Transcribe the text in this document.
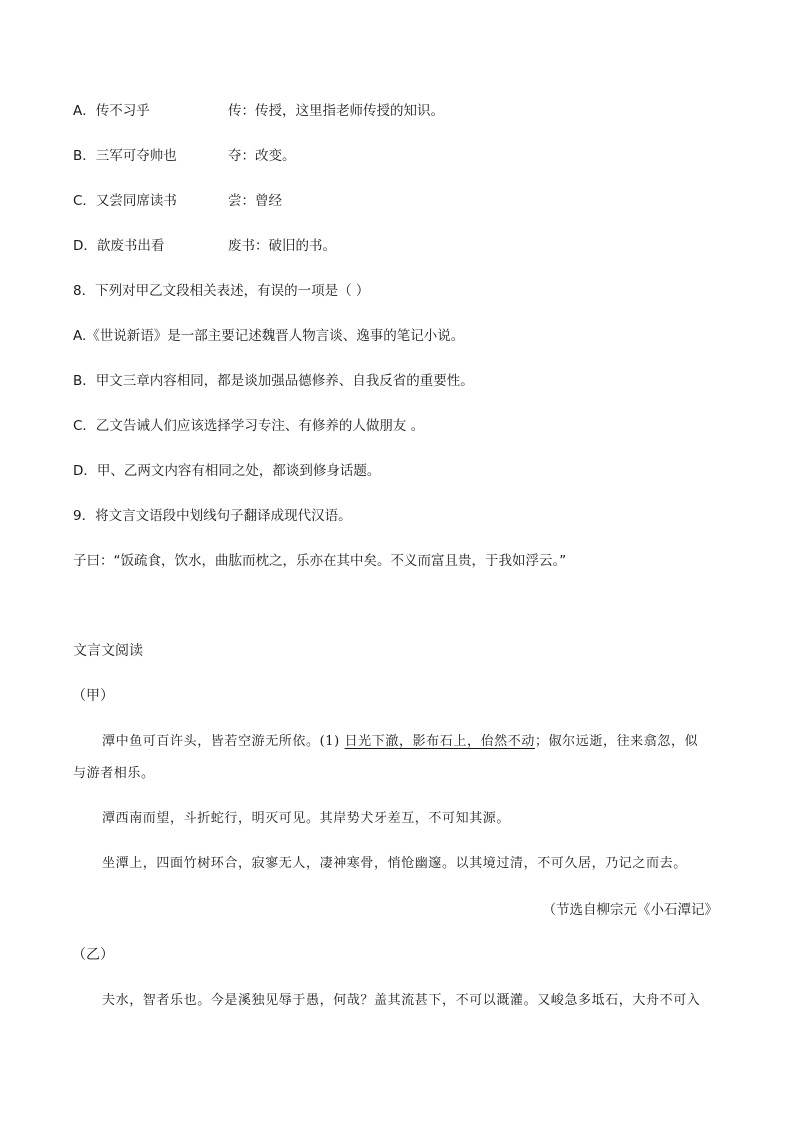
A．传不习乎	传：传授，这里指老师传授的知识。
B．三军可夺帅也	夺：改变。
C．又尝同席读书	尝：曾经
D．歆废书出看	废书：破旧的书。
8．下列对甲乙文段相关表述，有误的一项是（ ）
A.《世说新语》是一部主要记述魏晋人物言谈、逸事的笔记小说。
B．甲文三章内容相同，都是谈加强品德修养、自我反省的重要性。
C．乙文告诫人们应该选择学习专注、有修养的人做朋友 。
D．甲、乙两文内容有相同之处，都谈到修身话题。
9．将文言文语段中划线句子翻译成现代汉语。
子曰：“饭疏食，饮水，曲肱而枕之，乐亦在其中矣。不义而富且贵，于我如浮云。”
文言文阅读
（甲）
潭中鱼可百许头，皆若空游无所依。(1) 日光下澈，影布石上，佁然不动；俶尔远逝，往来翕忽，似
与游者相乐。
潭西南而望，斗折蛇行，明灭可见。其岸势犬牙差互，不可知其源。
坐潭上，四面竹树环合，寂寥无人，凄神寒骨，悄怆幽邃。以其境过清，不可久居，乃记之而去。
（节选自柳宗元《小石潭记》
（乙）
夫水，智者乐也。今是溪独见辱于愚，何哉？盖其流甚下，不可以溉灌。又峻急多坻石，大舟不可入
